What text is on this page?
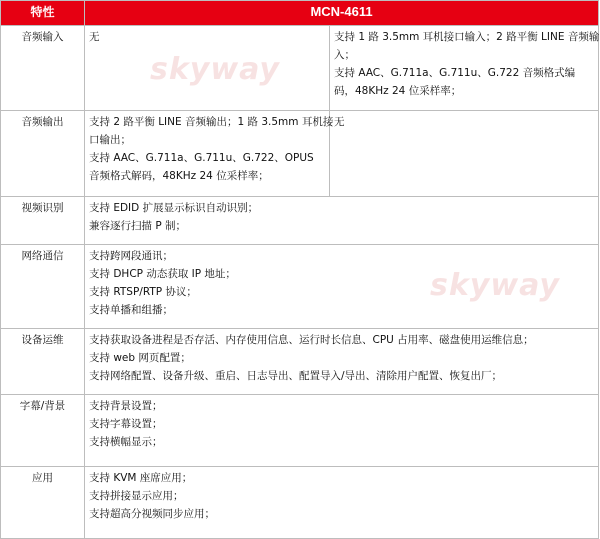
特性	MCN-4611	
音频输入	无	支持 1 路 3.5mm 耳机接口输入；2 路平衡 LINE 音频输
入；
支持 AAC、G.711a、G.711u、G.722 音频格式编
码，48KHz 24 位采样率；

音频输出	支持 2 路平衡 LINE 音频输出；1 路 3.5mm 耳机接
口输出；
支持 AAC、G.711a、G.711u、G.722、OPUS
音频格式解码，48KHz 24 位采样率；	无

视频识别	支持 EDID 扩展显示标识自动识别；
兼容逐行扫描 P 制；	

网络通信	支持跨网段通讯；
支持 DHCP 动态获取 IP 地址；
支持 RTSP/RTP 协议；
支持单播和组播；	

设备运维	支持获取设备进程是否存活、内存使用信息、运行时长信息、CPU 占用率、磁盘使用运维信息；
支持 web 网页配置；
支持网络配置、设备升级、重启、日志导出、配置导入/导出、清除用户配置、恢复出厂；	

字幕/背景	支持背景设置；
支持字幕设置；
支持横幅显示；	

应用	支持 KVM 座席应用；
支持拼接显示应用；
支持超高分视频同步应用；	
skyway
skyway
